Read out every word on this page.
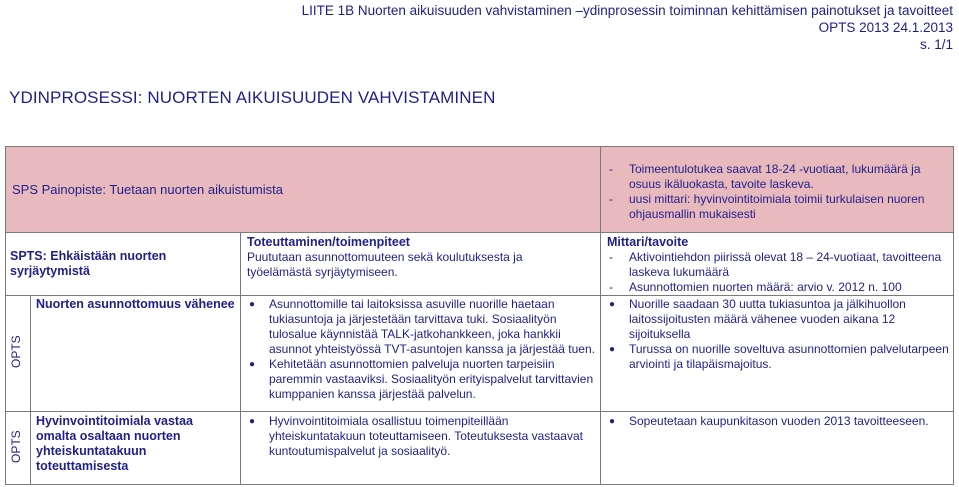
LIITE 1B Nuorten aikuisuuden vahvistaminen –ydinprosessin toiminnan kehittämisen painotukset ja tavoitteet
OPTS 2013 24.1.2013
s. 1/1
YDINPROSESSI: NUORTEN AIKUISUUDEN VAHVISTAMINEN
SPS Painopiste: Tuetaan nuorten aikuistumista
- Toimeentulotukea saavat 18-24 -vuotiaat, lukumäärä ja osuus ikäluokasta, tavoite laskeva.
- uusi mittari: hyvinvointitoimiala toimii turkulaisen nuoren ohjausmallin mukaisesti
SPTS: Ehkäistään nuorten syrjäytymistä
Toteuttaminen/toimenpiteet
Puututaan asunnottomuuteen sekä koulutuksesta ja työelämästä syrjäytymiseen.
Mittari/tavoite
- Aktivointiehdon piirissä olevat 18 – 24-vuotiaat, tavoitteena laskeva lukumäärä
- Asunnottomien nuorten määrä: arvio v. 2012 n. 100
OPTS
Nuorten asunnottomuus vähenee
●	Asunnottomille tai laitoksissa asuville nuorille haetaan tukiasuntoja ja järjestetään tarvittava tuki. Sosiaalityön tulosalue käynnistää TALK-jatkohankkeen, joka hankkii asunnot yhteistyössä TVT-asuntojen kanssa ja järjestää tuen.
● Kehitetään asunnottomien palveluja nuorten tarpeisiin paremmin vastaaviksi. Sosiaalityön erityispalvelut tarvittavien kumppanien kanssa järjestää palvelun.
● Nuorille saadaan 30 uutta tukiasuntoa ja jälkihuollon laitossijoitusten määrä vähenee vuoden aikana 12 sijoituksella
● Turussa on nuorille soveltuva asunnottomien palvelutarpeen arviointi ja tilapäismajoitus.
OPTS
Hyvinvointitoimiala vastaa omalta osaltaan nuorten yhteiskuntatakuun toteuttamisesta
● Hyvinvointitoimiala osallistuu toimenpiteillään yhteiskuntatakuun toteuttamiseen. Toteutuksesta vastaavat kuntoutumispalvelut ja sosiaalityö.
● Sopeutetaan kaupunkitason vuoden 2013 tavoitteeseen.
